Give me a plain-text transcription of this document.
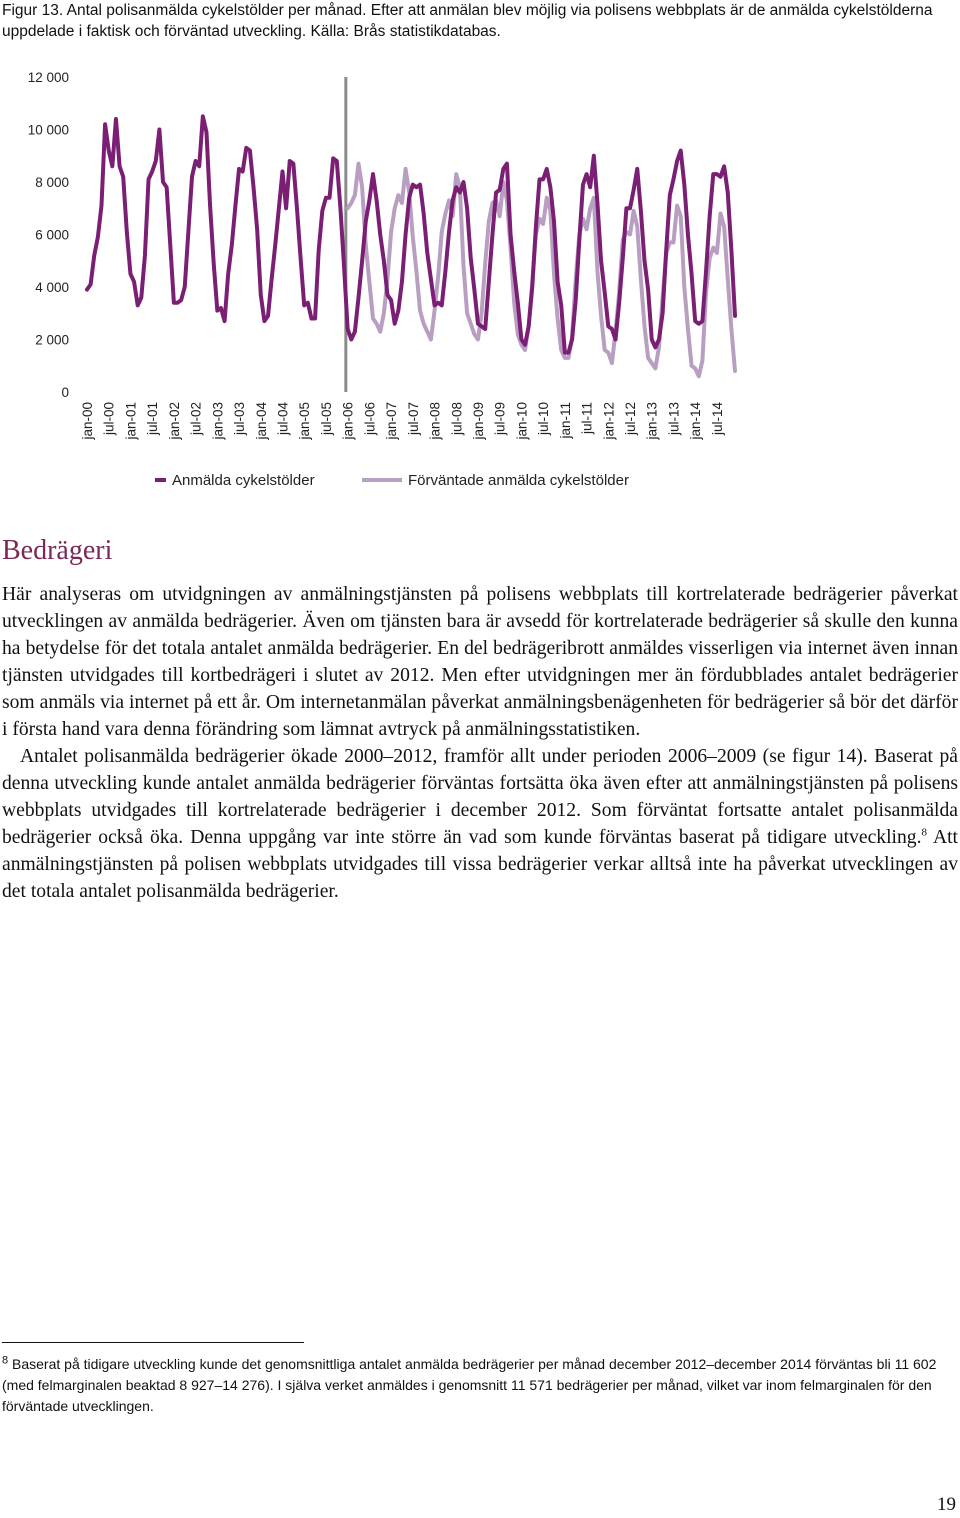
Figur 13. Antal polisanmälda cykelstölder per månad. Efter att anmälan blev möjlig via polisens webbplats är de anmälda cykelstölderna uppdelade i faktisk och förväntad utveckling. Källa: Brås statistikdatabas.
12 000
10 000
8 000
6 000
4 000
2 000
0
jan-00 jul-00 jan-01 jul-01 jan-02 jul-02 jan-03 jul-03 jan-04 jul-04 jan-05 jul-05 jan-06 jul-06 jan-07 jul-07 jan-08 jul-08 jan-09 jul-09 jan-10 jul-10 jan-11 jul-11 jan-12 jul-12 jan-13 jul-13 jan-14 jul-14
Anmälda cykelstölder	Förväntade anmälda cykelstölder
Bedrägeri

Här analyseras om utvidgningen av anmälningstjänsten på polisens webbplats till kortrelaterade bedrägerier påverkat utvecklingen av anmälda bedrägerier. Även om tjänsten bara är avsedd för kortrelaterade bedrägerier så skulle den kunna ha betydelse för det totala antalet anmälda bedrägerier. En del bedrägeribrott anmäldes visserligen via internet även innan tjänsten utvidgades till kortbedrägeri i slutet av 2012. Men efter utvidgningen mer än fördubblades antalet bedrägerier som anmäls via internet på ett år. Om internetanmälan påverkat anmälningsbenägenheten för bedrägerier så bör det därför i första hand vara denna förändring som lämnat avtryck på anmälningsstatistiken.

Antalet polisanmälda bedrägerier ökade 2000–2012, framför allt under perioden 2006–2009 (se figur 14). Baserat på denna utveckling kunde antalet anmälda bedrägerier förväntas fortsätta öka även efter att anmälningstjänsten på polisens webbplats utvidgades till kortrelaterade bedrägerier i december 2012. Som förväntat fortsatte antalet polisanmälda bedrägerier också öka. Denna uppgång var inte större än vad som kunde förväntas baserat på tidigare utveckling.$^8$ Att anmälningstjänsten på polisen webbplats utvidgades till vissa bedrägerier verkar alltså inte ha påverkat utvecklingen av det totala antalet polisanmälda bedrägerier.

$^8$ Baserat på tidigare utveckling kunde det genomsnittliga antalet anmälda bedrägerier per månad december 2012–december 2014 förväntas bli 11 602 (med felmarginalen beaktad 8 927–14 276). I själva verket anmäldes i genomsnitt 11 571 bedrägerier per månad, vilket var inom felmarginalen för den förväntade utvecklingen.
19
